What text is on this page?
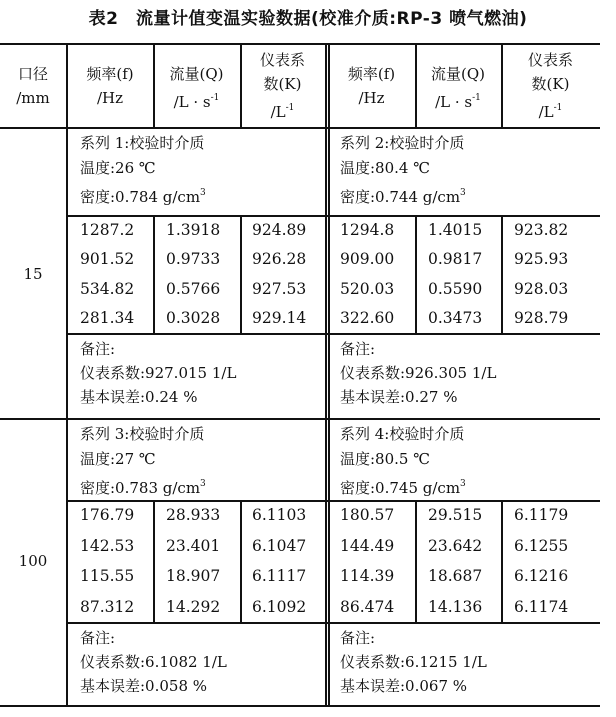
表2　流量计值变温实验数据(校准介质:RP-3 喷气燃油)
口径
/mm
频率(f)
/Hz
频率(f)
/Hz
流量(Q)
$/L \cdot s^{-1}$
流量(Q)
$/L \cdot s^{-1}$
仪表系
数(K)
$/L^{-1}$
仪表系
数(K)
$/L^{-1}$
15
系列 1:校验时介质
温度:26 ℃
密度:0.784 $g/cm^3$
1287.2 1.3918 924.89
901.52 0.9733 926.28
534.82 0.5766 927.53
281.34 0.3028 929.14
备注:
仪表系数:927.015 1/L
基本误差:0.24 %
系列 2:校验时介质
温度:80.4 ℃
密度:0.744 $g/cm^3$
1294.8 1.4015 923.82
909.00 0.9817 925.93
520.03 0.5590 928.03
322.60 0.3473 928.79
备注:
仪表系数:926.305 1/L
基本误差:0.27 %
100
系列 3:校验时介质
温度:27 ℃
密度:0.783 $g/cm^3$
176.79 28.933 6.1103
142.53 23.401 6.1047
115.55 18.907 6.1117
87.312 14.292 6.1092
备注:
仪表系数:6.1082 1/L
基本误差:0.058 %
系列 4:校验时介质
温度:80.5 ℃
密度:0.745 $g/cm^3$
180.57 29.515 6.1179
144.49 23.642 6.1255
114.39 18.687 6.1216
86.474 14.136 6.1174
备注:
仪表系数:6.1215 1/L
基本误差:0.067 %
